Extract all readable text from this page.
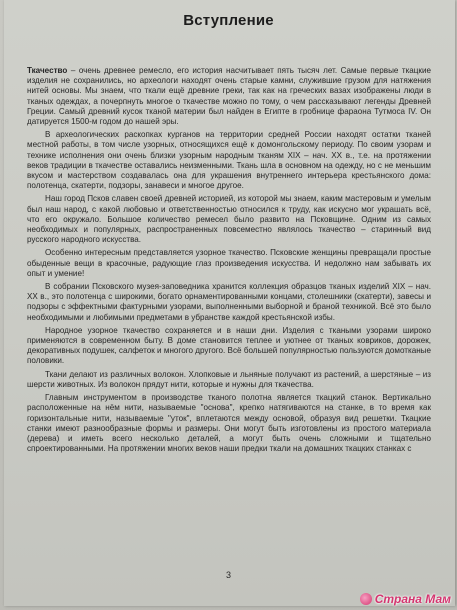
Вступление

Ткачество – очень древнее ремесло, его история насчитывает пять тысяч лет. Самые первые ткацкие изделия не сохранились, но археологи находят очень старые камни, служившие грузом для натяжения нитей основы. Мы знаем, что ткали ещё древние греки, так как на греческих вазах изображены люди в тканых одеждах, а почерпнуть многое о ткачестве можно по тому, о чем рассказывают легенды Древней Греции. Самый древний кусок тканой материи был найден в Египте в гробнице фараона Тутмоса IV. Он датируется 1500-м годом до нашей эры.

В археологических раскопках курганов на территории средней России находят остатки тканей местной работы, в том числе узорных, относящихся ещё к домонгольскому периоду. По своим узорам и технике исполнения они очень близки узорным народным тканям XIX – нач. XX в., т.е. на протяжении веков традиции в ткачестве оставались неизменными. Ткань шла в основном на одежду, но с не меньшим вкусом и мастерством создавалась она для украшения внутреннего интерьера крестьянского дома: полотенца, скатерти, подзоры, занавеси и многое другое.

Наш город Псков славен своей древней историей, из которой мы знаем, каким мастеровым и умелым был наш народ, с какой любовью и ответственностью относился к труду, как искусно мог украшать всё, что его окружало. Большое количество ремесел было развито на Псковщине. Одним из самых необходимых и популярных, распространенных повсеместно являлось ткачество – старинный вид русского народного искусства.

Особенно интересным представляется узорное ткачество. Псковские женщины превращали простые обыденные вещи в красочные, радующие глаз произведения искусства. И недолжно нам забывать их опыт и умение!

В собрании Псковского музея-заповедника хранится коллекция образцов тканых изделий XIX – нач. XX в., это полотенца с широкими, богато орнаментированными концами, столешники (скатерти), завесы и подзоры с эффектными фактурными узорами, выполненными выборной и браной техникой. Всё это было необходимыми и любимыми предметами в убранстве каждой крестьянской избы.

Народное узорное ткачество сохраняется и в наши дни. Изделия с ткаными узорами широко применяются в современном быту. В доме становится теплее и уютнее от тканых ковриков, дорожек, декоративных подушек, салфеток и многого другого. Всё большей популярностью пользуются домотканые половики.

Ткани делают из различных волокон. Хлопковые и льняные получают из растений, а шерстяные – из шерсти животных. Из волокон прядут нити, которые и нужны для ткачества.

Главным инструментом в производстве тканого полотна является ткацкий станок. Вертикально расположенные на нём нити, называемые "основа", крепко натягиваются на станке, в то время как горизонтальные нити, называемые "уток", вплетаются между основой, образуя вид решетки. Ткацкие станки имеют разнообразные формы и размеры. Они могут быть изготовлены из простого материала (дерева) и иметь всего несколько деталей, а могут быть очень сложными и тщательно спроектированными. На протяжении многих веков наши предки ткали на домашних ткацких станках с

3
Страна Мам
